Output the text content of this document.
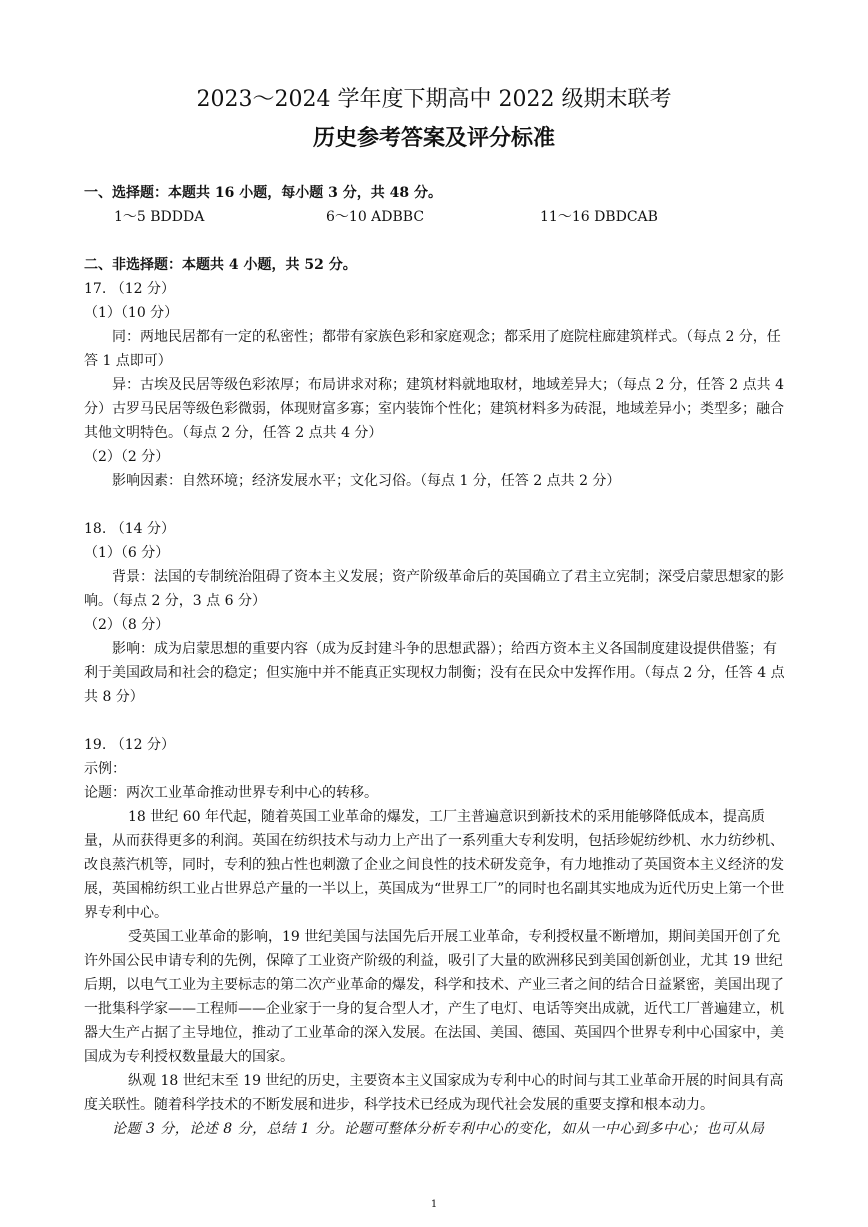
2023～2024 学年度下期高中 2022 级期末联考
历史参考答案及评分标准

一、选择题：本题共 16 小题，每小题 3 分，共 48 分。

1～5 BDDDA	6～10 ADBBC	11～16 DBDCAB

二、非选择题：本题共 4 小题，共 52 分。

17. （12 分）

（1）（10 分）

同：两地民居都有一定的私密性；都带有家族色彩和家庭观念；都采用了庭院柱廊建筑样式。（每点 2 分，任答 1 点即可）

异：古埃及民居等级色彩浓厚；布局讲求对称；建筑材料就地取材，地域差异大；（每点 2 分，任答 2 点共 4 分）古罗马民居等级色彩微弱，体现财富多寡；室内装饰个性化；建筑材料多为砖混，地域差异小；类型多；融合其他文明特色。（每点 2 分，任答 2 点共 4 分）

（2）（2 分）

影响因素：自然环境；经济发展水平；文化习俗。（每点 1 分，任答 2 点共 2 分）

18. （14 分）

（1）（6 分）

背景：法国的专制统治阻碍了资本主义发展；资产阶级革命后的英国确立了君主立宪制；深受启蒙思想家的影响。（每点 2 分，3 点 6 分）

（2）（8 分）

影响：成为启蒙思想的重要内容（成为反封建斗争的思想武器）；给西方资本主义各国制度建设提供借鉴；有利于美国政局和社会的稳定；但实施中并不能真正实现权力制衡；没有在民众中发挥作用。（每点 2 分，任答 4 点共 8 分）

19. （12 分）

示例：

论题：两次工业革命推动世界专利中心的转移。

18 世纪 60 年代起，随着英国工业革命的爆发，工厂主普遍意识到新技术的采用能够降低成本，提高质量，从而获得更多的利润。英国在纺织技术与动力上产出了一系列重大专利发明，包括珍妮纺纱机、水力纺纱机、改良蒸汽机等，同时，专利的独占性也刺激了企业之间良性的技术研发竞争，有力地推动了英国资本主义经济的发展，英国棉纺织工业占世界总产量的一半以上，英国成为“世界工厂”的同时也名副其实地成为近代历史上第一个世界专利中心。

受英国工业革命的影响，19 世纪美国与法国先后开展工业革命，专利授权量不断增加，期间美国开创了允许外国公民申请专利的先例，保障了工业资产阶级的利益，吸引了大量的欧洲移民到美国创新创业，尤其 19 世纪后期，以电气工业为主要标志的第二次产业革命的爆发，科学和技术、产业三者之间的结合日益紧密，美国出现了一批集科学家——工程师——企业家于一身的复合型人才，产生了电灯、电话等突出成就，近代工厂普遍建立，机器大生产占据了主导地位，推动了工业革命的深入发展。在法国、美国、德国、英国四个世界专利中心国家中，美国成为专利授权数量最大的国家。

纵观 18 世纪末至 19 世纪的历史，主要资本主义国家成为专利中心的时间与其工业革命开展的时间具有高度关联性。随着科学技术的不断发展和进步，科学技术已经成为现代社会发展的重要支撑和根本动力。

论题 3 分，论述 8 分，总结 1 分。论题可整体分析专利中心的变化，如从一中心到多中心；也可从局

1
